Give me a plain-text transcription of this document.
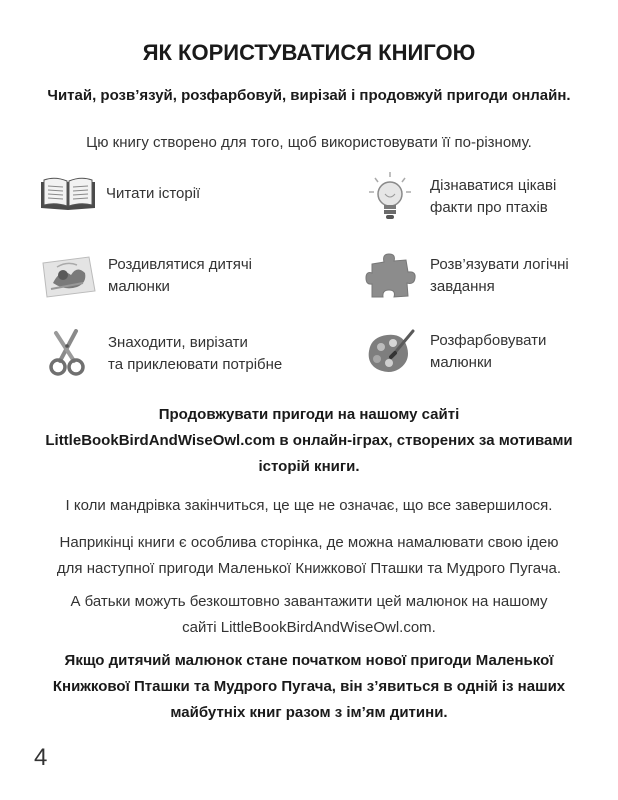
ЯК КОРИСТУВАТИСЯ КНИГОЮ
Читай, розв’язуй, розфарбовуй, вирізай і продовжуй пригоди онлайн.
Цю книгу створено для того, щоб використовувати її по-різному.
Читати історії	Дізнаватися цікаві
факти про птахів
Роздивлятися дитячі
малюнки
Розв’язувати логічні
завдання
Знаходити, вирізати
та приклеювати потрібне
Розфарбовувати
малюнки
Продовжувати пригоди на нашому сайті
LittleBookBirdAndWiseOwl.com в онлайн-іграх, створених за мотивами
історій книги.
І коли мандрівка закінчиться, це ще не означає, що все завершилося.
Наприкінці книги є особлива сторінка, де можна намалювати свою ідею
для наступної пригоди Маленької Книжкової Пташки та Мудрого Пугача.
А батьки можуть безкоштовно завантажити цей малюнок на нашому
сайті LittleBookBirdAndWiseOwl.com.
Якщо дитячий малюнок стане початком нової пригоди Маленької
Книжкової Пташки та Мудрого Пугача, він з’явиться в одній із наших
майбутніх книг разом з ім’ям дитини.
4
